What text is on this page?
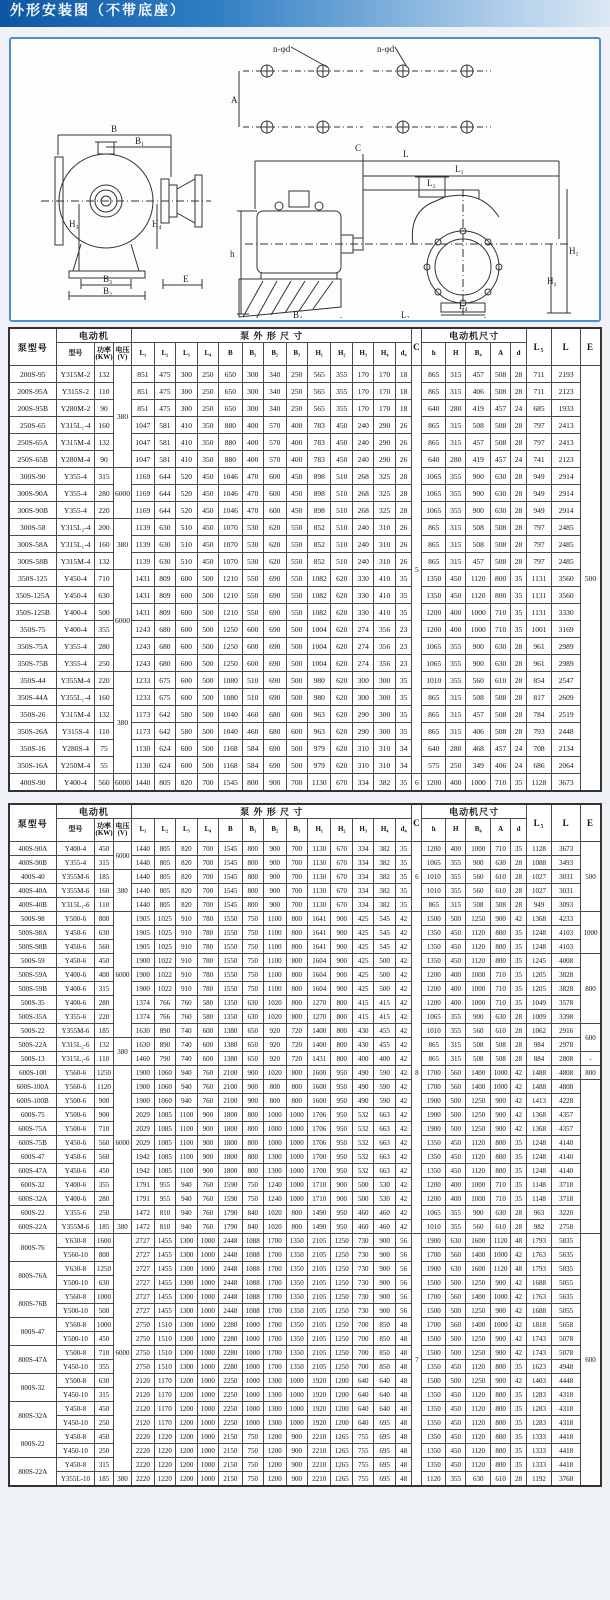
外形安装图（不带底座）
n-φd	n-φd
A
B
B₁
H₃	H₄
B₃
B₂
E
L
L₁
L₂
C
h	H₁
H₂
B₄	L₃
L₄
泵型号	电动机			泵 外 形 尺 寸													C	电动机尺寸					L₅	L	E
	型号	功率(KW)	电压(V)	L₁	L₂	L₃	L₄	B	B₁	B₂	B₃	H₁	H₂	H₃	H₄	d₄		h	H	B₄	A	d			
200S-95	Y315M-2	132	380	851	475	300	250	650	300	340	250	565	355	170	170	18	5	865	315	457	508	28	711	2193	500
200S-95A	Y315S-2	110		851	475	300	250	650	300	340	250	565	355	170	170	18		865	315	406	508	28	711	2123	
200S-95B	Y280M-2	90		851	475	300	250	650	300	340	250	565	355	170	170	18		640	280	419	457	24	685	1933	
250S-65	Y315L₁-4	160		1047	581	410	350	880	400	570	400	783	450	240	290	26		865	315	508	508	28	797	2413	
250S-65A	Y315M-4	132		1047	581	410	350	880	400	570	400	783	450	240	290	26		865	315	457	508	28	797	2413	
250S-65B	Y280M-4	90		1047	581	410	350	880	400	570	400	783	450	240	290	26		640	280	419	457	24	741	2123	
300S-90	Y355-4	315	6000	1169	644	520	450	1046	470	600	450	898	510	268	325	28		1065	355	900	630	28	949	2914	
300S-90A	Y355-4	280		1169	644	520	450	1046	470	600	450	898	510	268	325	28		1065	355	900	630	28	949	2914	
300S-90B	Y355-4	220		1169	644	520	450	1046	470	600	450	898	510	268	325	28		1065	355	900	630	28	949	2914	
300S-58	Y315L₂-4	200	380	1139	630	510	450	1070	530	620	550	852	510	240	310	26		865	315	508	508	28	797	2485	
300S-58A	Y315L₁-4	160		1139	630	510	450	1070	530	620	550	852	510	240	310	26		865	315	508	508	28	797	2485	
300S-58B	Y315M-4	132		1139	630	510	450	1070	530	620	550	852	510	240	310	26		865	315	457	508	28	797	2485	
350S-125	Y450-4	710	6000	1431	809	600	500	1210	550	690	550	1082	620	330	410	35		1350	450	1120	800	35	1131	3560	
350S-125A	Y450-4	630		1431	809	600	500	1210	550	690	550	1082	620	330	410	35		1350	450	1120	800	35	1131	3560	
350S-125B	Y400-4	500		1431	809	600	500	1210	550	690	550	1082	620	330	410	35		1200	400	1000	710	35	1131	3330	
350S-75	Y400-4	355		1243	680	600	500	1250	600	690	500	1004	620	274	356	23		1200	400	1000	710	35	1001	3169	
350S-75A	Y355-4	280		1243	680	600	500	1250	600	690	500	1004	620	274	356	23		1065	355	900	630	28	961	2989	
350S-75B	Y355-4	250		1243	680	600	500	1250	600	690	500	1004	620	274	356	23		1065	355	900	630	28	961	2989	
350S-44	Y355M-4	220	380	1233	675	600	500	1080	510	690	500	980	620	300	300	35		1010	355	560	610	28	854	2547	
350S-44A	Y355L₁-4	160		1233	675	600	500	1080	510	690	500	980	620	300	300	35		865	315	508	508	28	817	2609	
350S-26	Y315M-4	132		1173	642	580	500	1040	460	680	600	963	620	290	300	35		865	315	457	508	28	784	2519	
350S-26A	Y315S-4	110		1173	642	580	500	1040	460	680	600	963	620	290	300	35		865	315	406	508	28	793	2448	
350S-16	Y280S-4	75		1130	624	600	500	1168	584	690	500	979	620	310	310	34		640	280	468	457	24	708	2134	
350S-16A	Y250M-4	55		1130	624	600	500	1168	584	690	500	979	620	310	310	34		575	250	349	406	24	686	2064	
400S-90	Y400-4	560	6000	1440	805	820	700	1545	800	900	700	1130	670	334	382	35	6	1200	400	1000	710	35	1128	3673	
泵型号	电动机			泵 外 形 尺 寸													C	电动机尺寸					L₅	L	E
	型号	功率(KW)	电压(V)	L₁	L₂	L₃	L₄	B	B₁	B₂	B₃	H₁	H₂	H₃	H₄	d₄		h	H	B₄	A	d			
400S-90A	Y400-4	450	6000	1440	805	820	700	1545	800	900	700	1130	670	334	382	35	6	1200	400	1000	710	35	1128	3673	500
400S-90B	Y355-4	315		1440	805	820	700	1545	800	900	700	1130	670	334	382	35		1065	355	900	630	28	1088	3493	
400S-40	Y355M-6	185	380	1440	805	820	700	1545	800	900	700	1130	670	334	382	35		1010	355	560	610	28	1027	3031	
400S-40A	Y355M-6	160		1440	805	820	700	1545	800	900	700	1130	670	334	382	35		1010	355	560	610	28	1027	3031	
400S-40B	Y315L₁-6	110		1440	805	820	700	1545	800	900	700	1130	670	334	382	35		865	315	508	508	28	949	3093	
500S-98	Y500-6	800	6000	1905	1025	910	780	1550	750	1100	800	1641	900	425	545	42	8	1500	500	1250	900	42	1368	4233	1000
500S-98A	Y450-6	630		1905	1025	910	780	1550	750	1100	800	1641	900	425	545	42		1350	450	1120	800	35	1248	4103	
500S-98B	Y450-6	560		1905	1025	910	780	1550	750	1100	800	1641	900	425	545	42		1350	450	1120	800	35	1248	4103	
500S-59	Y450-6	450		1900	1022	910	780	1550	750	1100	800	1604	900	425	500	42		1350	450	1120	800	35	1245	4008	800
500S-59A	Y400-6	400		1900	1022	910	780	1550	750	1100	800	1604	900	425	500	42		1200	400	1000	710	35	1205	3828	
500S-59B	Y400-6	315		1900	1022	910	780	1550	750	1100	800	1604	900	425	500	42		1200	400	1000	710	35	1205	3828	
500S-35	Y400-6	280		1374	766	760	580	1350	630	1020	800	1270	800	415	415	42		1200	400	1000	710	35	1049	3578	
500S-35A	Y355-6	220		1374	766	760	580	1350	630	1020	800	1270	800	415	415	42		1065	355	900	630	28	1009	3398	
500S-22	Y355M-6	185		1630	890	740	600	1380	650	920	720	1400	800	430	455	42		1010	355	560	610	28	1062	2916	600
500S-22A	Y315L₂-6	132	380	1630	890	740	600	1380	650	920	720	1400	800	430	455	42		865	315	508	508	28	984	2978	
500S-13	Y315L₁-6	110		1460	790	740	600	1380	650	920	720	1431	800	400	400	42		865	315	508	508	28	884	2808	-
600S-100	Y560-6	1250	6000	1900	1060	940	760	2100	900	1020	800	1600	950	490	590	42		1700	560	1400	1000	42	1488	4808	800
600S-100A	Y560-6	1120		1900	1060	940	760	2100	900	800	800	1600	950	490	590	42		1700	560	1400	1000	42	1488	4808	
600S-100B	Y500-6	900		1900	1060	940	760	2100	900	800	800	1600	950	490	590	42		1900	500	1250	900	42	1413	4228	
600S-75	Y500-6	900		2029	1085	1100	900	1800	800	1000	1000	1706	950	532	663	42		1900	500	1250	900	42	1368	4357	
600S-75A	Y500-6	710		2029	1085	1100	900	1800	800	1000	1000	1706	950	532	663	42		1900	500	1250	900	42	1368	4357	
600S-75B	Y450-6	560		2029	1085	1100	900	1800	800	1000	1000	1706	950	532	663	42		1350	450	1120	800	35	1248	4140	
600S-47	Y450-6	560		1942	1085	1100	900	1800	800	1300	1000	1700	950	532	663	42		1350	450	1120	800	35	1248	4140	
600S-47A	Y450-6	450		1942	1085	1100	900	1800	800	1300	1000	1700	950	532	663	42		1350	450	1120	800	35	1248	4140	
600S-32	Y400-6	355		1791	955	940	760	1590	750	1240	1000	1710	900	500	530	42		1200	400	1000	710	35	1148	3718	
600S-32A	Y400-6	280		1791	955	940	760	1590	750	1240	1000	1710	900	500	530	42		1200	400	1000	710	35	1148	3718	
600S-22	Y355-6	250		1472	810	940	760	1790	840	1020	800	1490	950	460	460	42		1065	355	900	630	28	963	3220	
600S-22A	Y355M-6	185	380	1472	810	940	760	1790	840	1020	800	1490	950	460	460	42		1010	355	560	610	28	982	2758	
800S-76	Y630-8	1600	6000	2727	1455	1300	1000	2448	1088	1700	1350	2105	1250	730	900	56	7	1900	630	1600	1120	48	1793	5835	600
	Y560-10	800		2727	1455	1300	1000	2448	1088	1700	1350	2105	1250	730	900	56		1700	560	1400	1000	42	1763	5635	
800S-76A	Y630-8	1250		2727	1455	1300	1000	2448	1088	1700	1350	2105	1250	730	900	56		1900	630	1600	1120	48	1793	5835	
	Y500-10	630		2727	1455	1300	1000	2448	1088	1700	1350	2105	1250	730	900	56		1500	500	1250	900	42	1688	5055	
800S-76B	Y560-8	1000		2727	1455	1300	1000	2448	1088	1700	1350	2105	1250	730	900	56		1700	560	1400	1000	42	1763	5635	
	Y500-10	500		2727	1455	1300	1000	2448	1088	1700	1350	2105	1250	730	900	56		1500	500	1250	900	42	1688	5055	
800S-47	Y560-8	1000		2750	1510	1300	1000	2280	1000	1700	1350	2105	1250	700	850	48		1700	560	1400	1000	42	1818	5658	
	Y500-10	450		2750	1510	1300	1000	2280	1000	1700	1350	2105	1250	700	850	48		1500	500	1250	900	42	1743	5078	
800S-47A	Y500-8	710		2750	1510	1300	1000	2280	1000	1700	1350	2105	1250	700	850	48		1500	500	1250	900	42	1743	5078	
	Y450-10	355		2750	1510	1300	1000	2280	1000	1700	1350	2105	1250	700	850	48		1350	450	1120	800	35	1623	4948	
800S-32	Y500-8	630		2120	1170	1200	1000	2250	1000	1300	1000	1920	1200	640	640	48		1500	500	1250	900	42	1403	4448	
	Y450-10	315		2120	1170	1200	1000	2250	1000	1300	1000	1920	1200	640	640	48		1350	450	1120	800	35	1283	4318	
800S-32A	Y450-8	450		2120	1170	1200	1000	2250	1000	1300	1000	1920	1200	640	640	48		1350	450	1120	800	35	1283	4318	
	Y450-10	250		2120	1170	1200	1000	2250	1000	1300	1000	1920	1200	640	695	48		1350	450	1120	800	35	1283	4318	
800S-22	Y450-8	450		2220	1220	1200	1000	2150	750	1200	900	2210	1265	755	695	48		1350	450	1120	800	35	1333	4418	
	Y450-10	250		2220	1220	1200	1000	2150	750	1200	900	2210	1265	755	695	48		1350	450	1120	800	35	1333	4418	
800S-22A	Y450-8	315		2220	1220	1200	1000	2150	750	1200	900	2210	1265	755	695	48		1350	450	1120	800	35	1333	4418	
	Y355L-10	185	380	2220	1220	1200	1000	2150	750	1200	900	2210	1265	755	695	48		1120	355	630	610	28	1192	3768	
